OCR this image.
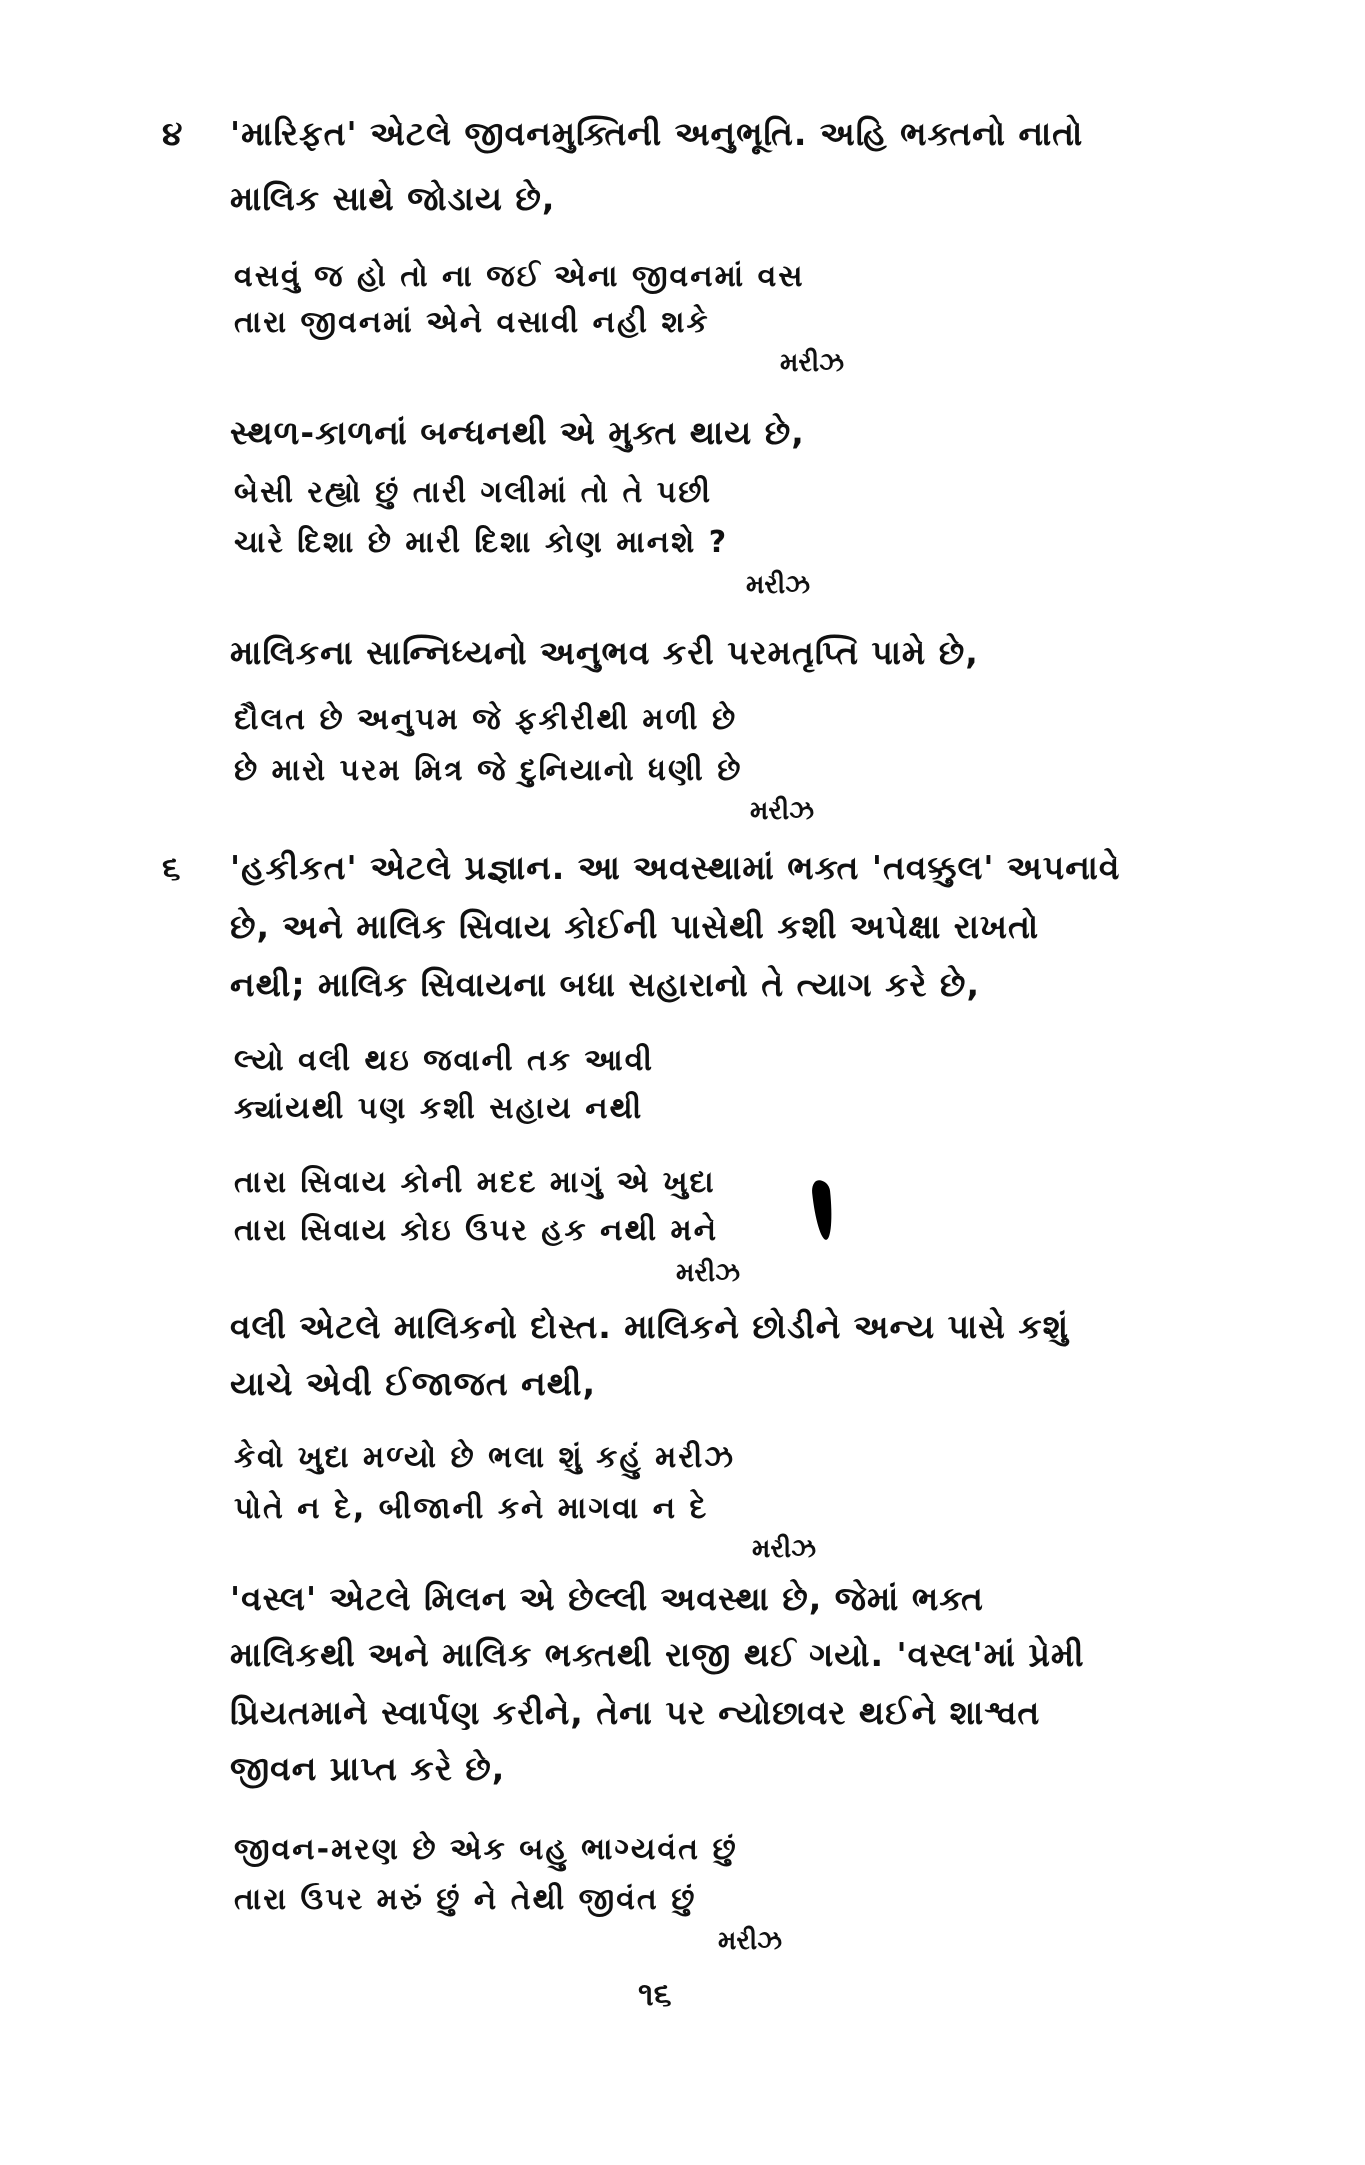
૪ 'મારિફત' એટલે જીવનમુક્તિની અનુભૂતિ. અહિ ભક્તનો નાતો
માલિક સાથે જોડાય છે,
વસવું જ હો તો ના જઈ એના જીવનમાં વસ
તારા જીવનમાં એને વસાવી નહી શકે
મરીઝ
સ્થળ-કાળનાં બન્ધનથી એ મુક્ત થાય છે,
બેસી રહ્યો છું તારી ગલીમાં તો તે પછી
ચારે દિશા છે મારી દિશા કોણ માનશે ?
મરીઝ
માલિકના સાન્નિધ્યનો અનુભવ કરી પરમતૃપ્તિ પામે છે,
દૌલત છે અનુપમ જે ફકીરીથી મળી છે
છે મારો પરમ મિત્ર જે દુનિયાનો ધણી છે
મરીઝ
૬ 'હકીકત' એટલે પ્રજ્ઞાન. આ અવસ્થામાં ભક્ત 'તવક્કુલ' અપનાવે
છે, અને માલિક સિવાય કોઈની પાસેથી કશી અપેક્ષા રાખતો
નથી; માલિક સિવાયના બધા સહારાનો તે ત્યાગ કરે છે,
લ્યો વલી થઇ જવાની તક આવી
ક્યાંયથી પણ કશી સહાય નથી
તારા સિવાય કોની મદદ માગું એ ખુદા
તારા સિવાય કોઇ ઉપર હક નથી મને
મરીઝ
વલી એટલે માલિકનો દોસ્ત. માલિકને છોડીને અન્ય પાસે કશું
યાચે એવી ઈજાજત નથી,
કેવો ખુદા મળ્યો છે ભલા શું કહું મરીઝ
પોતે ન દે, બીજાની કને માગવા ન દે
મરીઝ
'વસ્લ' એટલે મિલન એ છેલ્લી અવસ્થા છે, જેમાં ભક્ત
માલિકથી અને માલિક ભક્તથી રાજી થઈ ગયો. 'વસ્લ'માં પ્રેમી
પ્રિયતમાને સ્વાર્પણ કરીને, તેના પર ન્યોછાવર થઈને શાશ્વત
જીવન પ્રાપ્ત કરે છે,
જીવન-મરણ છે એક બહુ ભાગ્યવંત છું
તારા ઉપર મરું છું ને તેથી જીવંત છું
મરીઝ
૧૬
